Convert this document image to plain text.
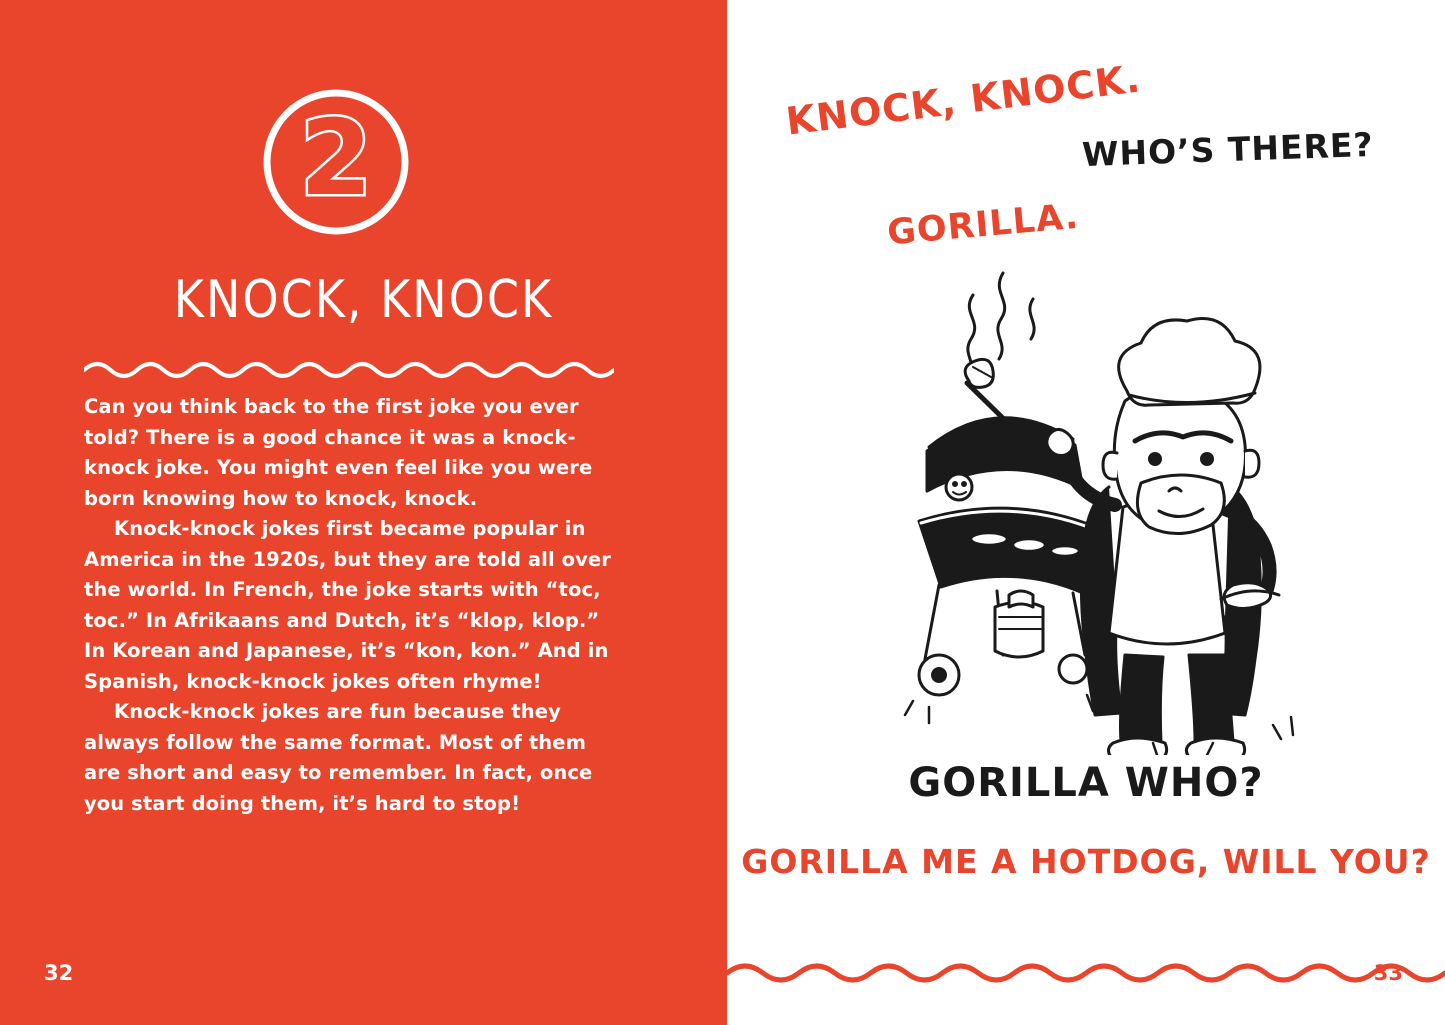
2
KNOCK, KNOCK

Can you think back to the first joke you ever told? There is a good chance it was a knock-knock joke. You might even feel like you were born knowing how to knock, knock.

Knock-knock jokes first became popular in America in the 1920s, but they are told all over the world. In French, the joke starts with “toc, toc.” In Afrikaans and Dutch, it’s “klop, klop.” In Korean and Japanese, it’s “kon, kon.” And in Spanish, knock-knock jokes often rhyme!

Knock-knock jokes are fun because they always follow the same format. Most of them are short and easy to remember. In fact, once you start doing them, it’s hard to stop!

32
KNOCK, KNOCK.
WHO’S THERE?
GORILLA.
GORILLA WHO?
GORILLA ME A HOTDOG, WILL YOU?
33
